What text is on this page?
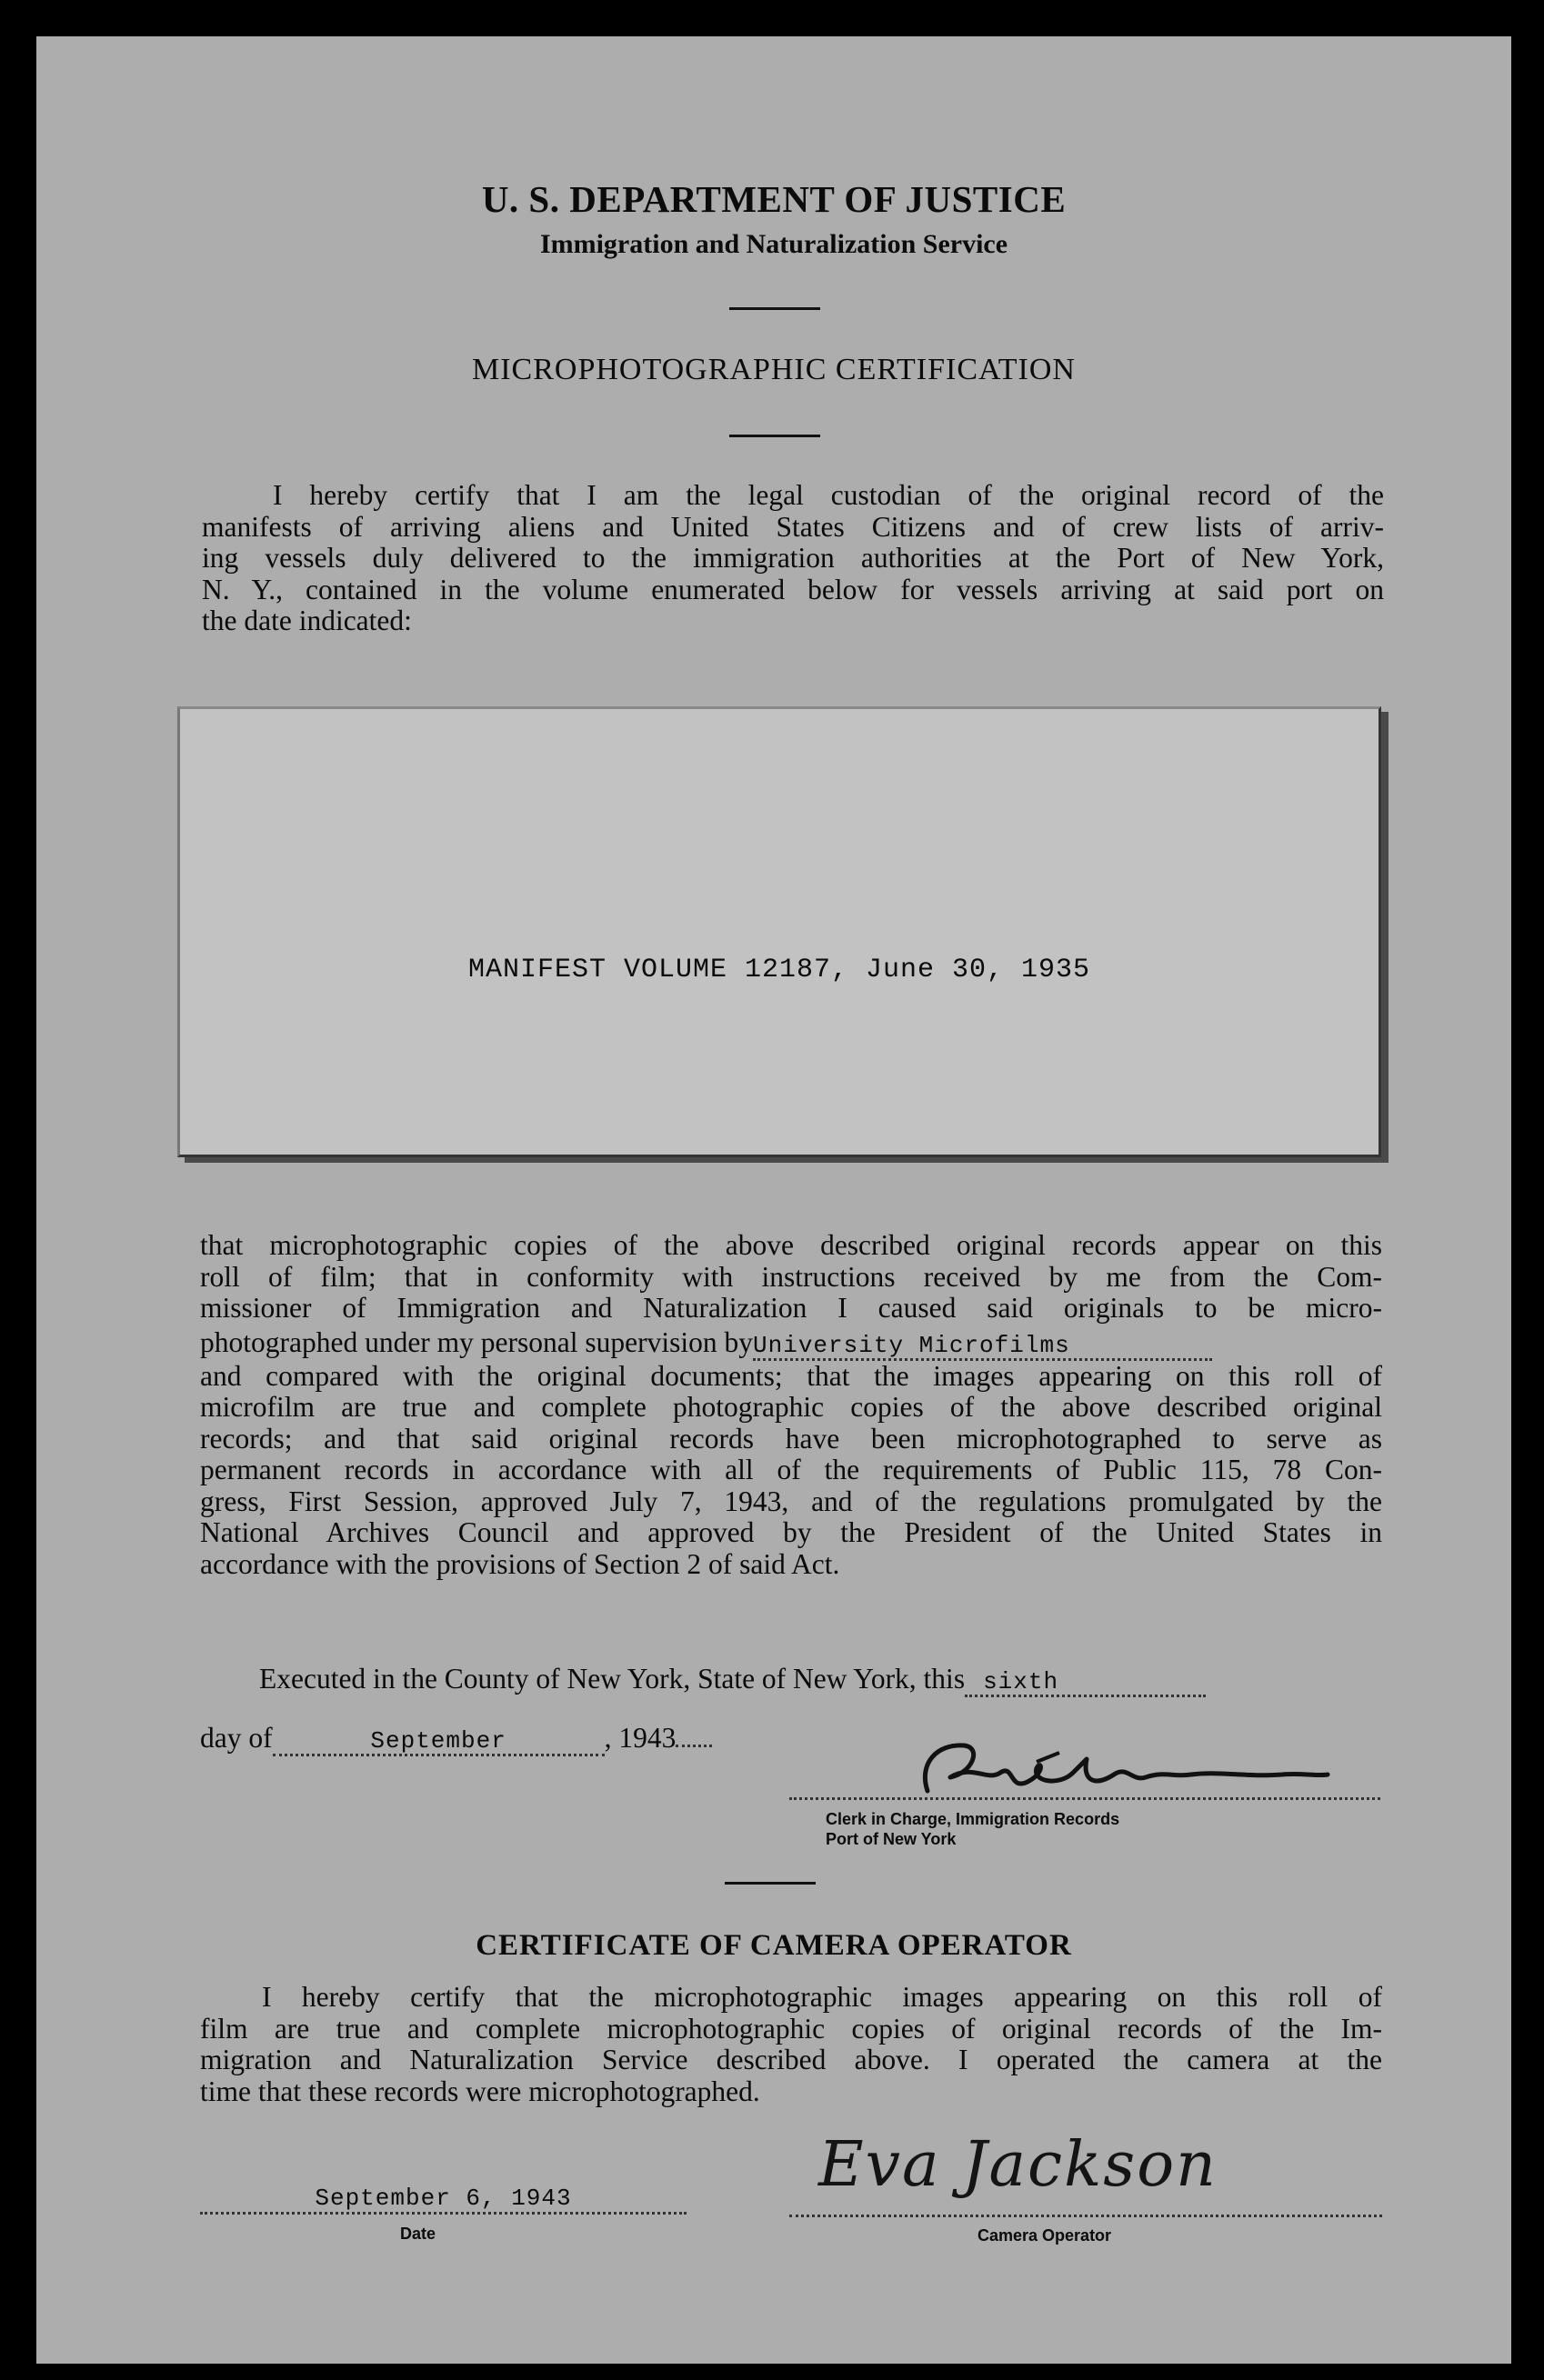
U. S. DEPARTMENT OF JUSTICE
Immigration and Naturalization Service
MICROPHOTOGRAPHIC CERTIFICATION
I hereby certify that I am the legal custodian of the original record of the
manifests of arriving aliens and United States Citizens and of crew lists of arriv-
ing vessels duly delivered to the immigration authorities at the Port of New York,
N. Y., contained in the volume enumerated below for vessels arriving at said port on
the date indicated:
MANIFEST VOLUME 12187, June 30, 1935
that microphotographic copies of the above described original records appear on this
roll of film; that in conformity with instructions received by me from the Com-
missioner of Immigration and Naturalization I caused said originals to be micro-
photographed under my personal supervision byUniversity Microfilms
and compared with the original documents; that the images appearing on this roll of
microfilm are true and complete photographic copies of the above described original
records; and that said original records have been microphotographed to serve as
permanent records in accordance with all of the requirements of Public 115, 78 Con-
gress, First Session, approved July 7, 1943, and of the regulations promulgated by the
National Archives Council and approved by the President of the United States in
accordance with the provisions of Section 2 of said Act.
Executed in the County of New York, State of New York, this sixth
day of	September	, 1943
Clerk in Charge, Immigration Records
Port of New York
CERTIFICATE OF CAMERA OPERATOR
I hereby certify that the microphotographic images appearing on this roll of
film are true and complete microphotographic copies of original records of the Im-
migration and Naturalization Service described above. I operated the camera at the
time that these records were microphotographed.
September 6, 1943
Date
Eva Jackson
Camera Operator
